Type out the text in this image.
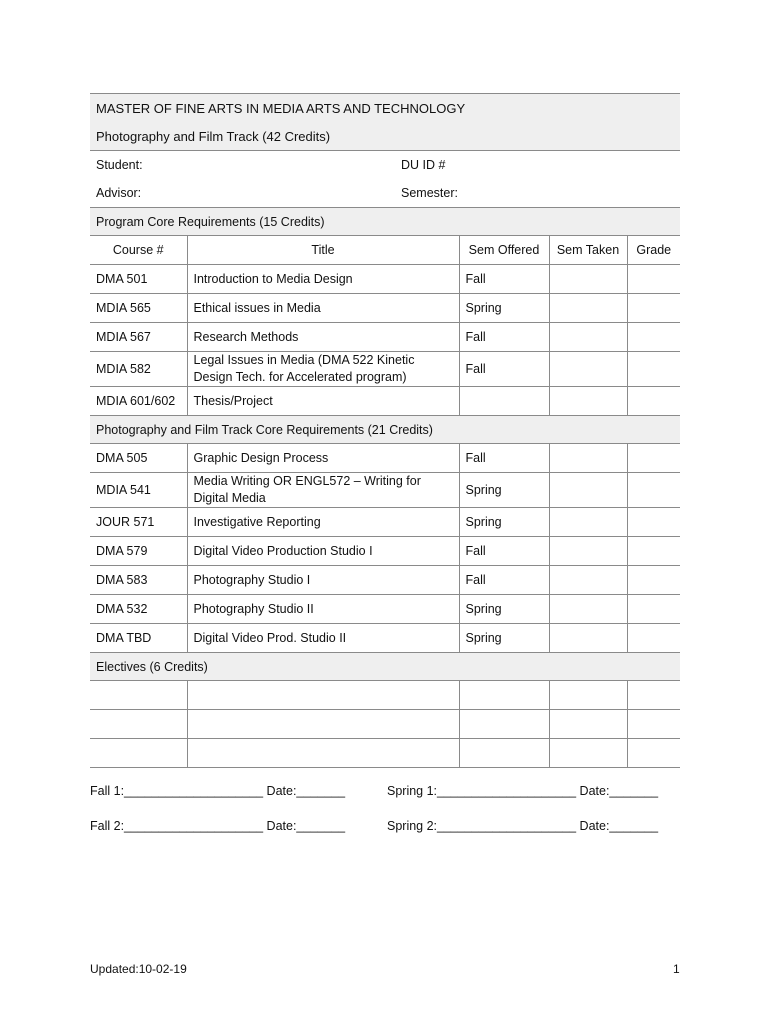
MASTER OF FINE ARTS IN MEDIA ARTS AND TECHNOLOGY
Photography and Film Track (42 Credits)
Student:	DU ID #
Advisor:	Semester:
Program Core Requirements (15 Credits)
Course #	Title	Sem Offered	Sem Taken	Grade
DMA 501	Introduction to Media Design	Fall		
MDIA 565	Ethical issues in Media	Spring		
MDIA 567	Research Methods	Fall		
MDIA 582	Legal Issues in Media (DMA 522 Kinetic Design Tech. for Accelerated program)	Fall		
MDIA 601/602	Thesis/Project			
Photography and Film Track Core Requirements (21 Credits)
DMA 505	Graphic Design Process	Fall		
MDIA 541	Media Writing OR ENGL572 – Writing for Digital Media	Spring		
JOUR 571	Investigative Reporting	Spring		
DMA 579	Digital Video Production Studio I	Fall		
DMA 583	Photography Studio I	Fall		
DMA 532	Photography Studio II	Spring		
DMA TBD	Digital Video Prod. Studio II	Spring		
Electives (6 Credits)

Fall 1:____________________ Date:_______	Spring 1:____________________ Date:_______
Fall 2:____________________ Date:_______	Spring 2:____________________ Date:_______
Updated:10-02-19	1
